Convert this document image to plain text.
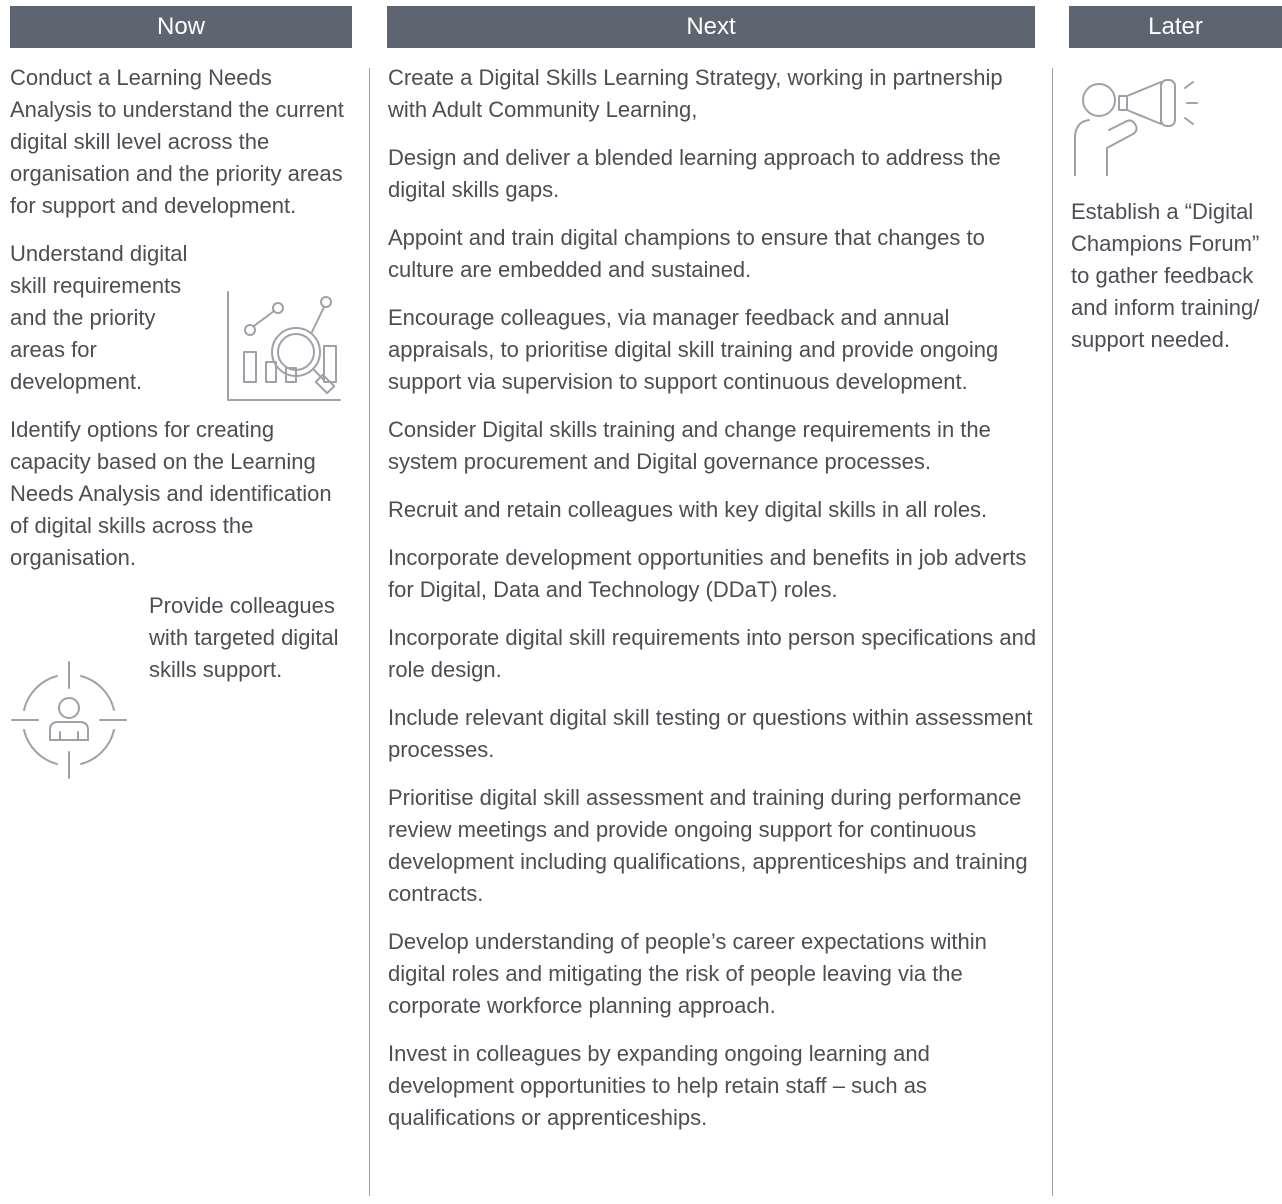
Now	Next	Later

Conduct a Learning Needs Analysis to understand the current digital skill level across the organisation and the priority areas for support and development.

Understand digital skill requirements and the priority areas for development.

Identify options for creating capacity based on the Learning Needs Analysis and identification of digital skills across the organisation.

Provide colleagues with targeted digital skills support.

Create a Digital Skills Learning Strategy, working in partnership with Adult Community Learning,

Design and deliver a blended learning approach to address the digital skills gaps.

Appoint and train digital champions to ensure that changes to culture are embedded and sustained.

Encourage colleagues, via manager feedback and annual appraisals, to prioritise digital skill training and provide ongoing support via supervision to support continuous development.

Consider Digital skills training and change requirements in the system procurement and Digital governance processes.

Recruit and retain colleagues with key digital skills in all roles.

Incorporate development opportunities and benefits in job adverts for Digital, Data and Technology (DDaT) roles.

Incorporate digital skill requirements into person specifications and role design.

Include relevant digital skill testing or questions within assessment processes.

Prioritise digital skill assessment and training during performance review meetings and provide ongoing support for continuous development including qualifications, apprenticeships and training contracts.

Develop understanding of people’s career expectations within digital roles and mitigating the risk of people leaving via the corporate workforce planning approach.

Invest in colleagues by expanding ongoing learning and development opportunities to help retain staff – such as qualifications or apprenticeships.

Establish a “Digital Champions Forum” to gather feedback and inform training/ support needed.
